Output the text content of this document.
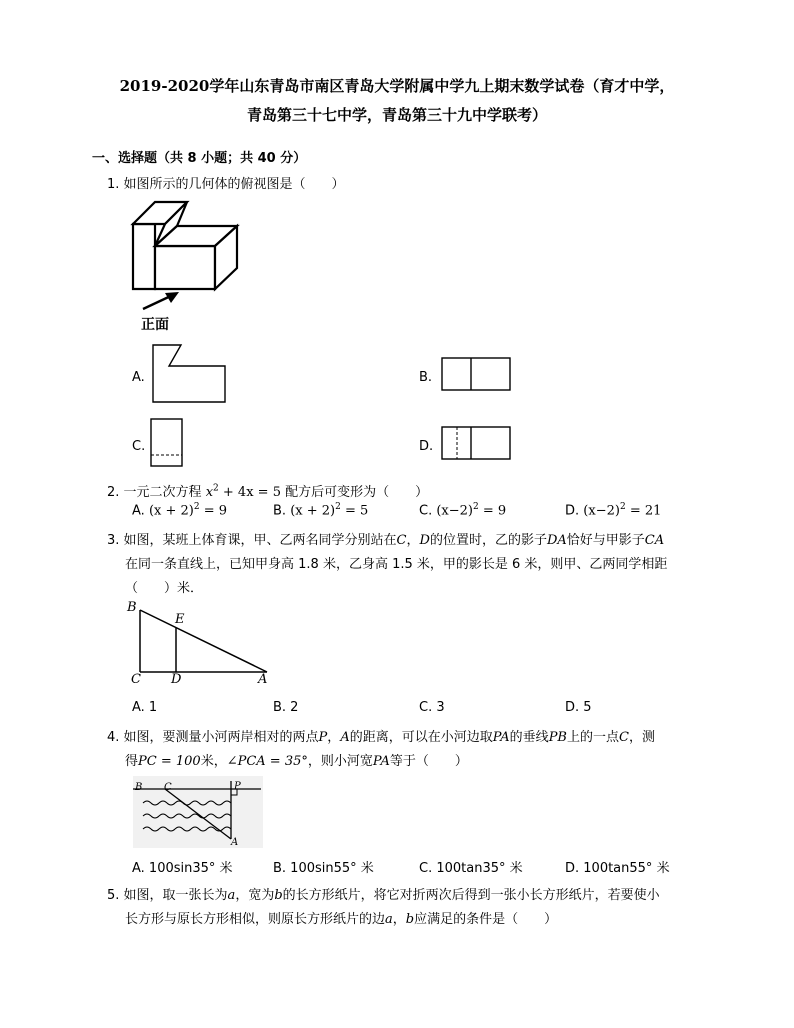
2019-2020学年山东青岛市南区青岛大学附属中学九上期末数学试卷（育才中学，
青岛第三十七中学，青岛第三十九中学联考）
一、选择题（共 8 小题；共 40 分）
1. 如图所示的几何体的俯视图是（　　）
正面
A.	B.
C.	D.
2. 一元二次方程 $x^2 + 4x = 5$ 配方后可变形为（　　）
A. $(x + 2)^2 = 9$	B. $(x + 2)^2 = 5$	C. $(x-2)^2 = 9$	D. $(x-2)^2 = 21$
3. 如图，某班上体育课，甲、乙两名同学分别站在C，D的位置时，乙的影子DA恰好与甲影子CA
在同一条直线上，已知甲身高 1.8 米，乙身高 1.5 米，甲的影长是 6 米，则甲、乙两同学相距
（　　）米．
B
E
C D	A
A. 1	B. 2	C. 3	D. 5
4. 如图，要测量小河两岸相对的两点P，A的距离，可以在小河边取PA的垂线PB上的一点C，测
得PC = 100米，∠PCA = 35°，则小河宽PA等于（　　）
B C	P
A
A. 100sin35° 米	B. 100sin55° 米	C. 100tan35° 米	D. 100tan55° 米
5. 如图，取一张长为a，宽为b的长方形纸片，将它对折两次后得到一张小长方形纸片，若要使小
长方形与原长方形相似，则原长方形纸片的边a，b应满足的条件是（　　）
